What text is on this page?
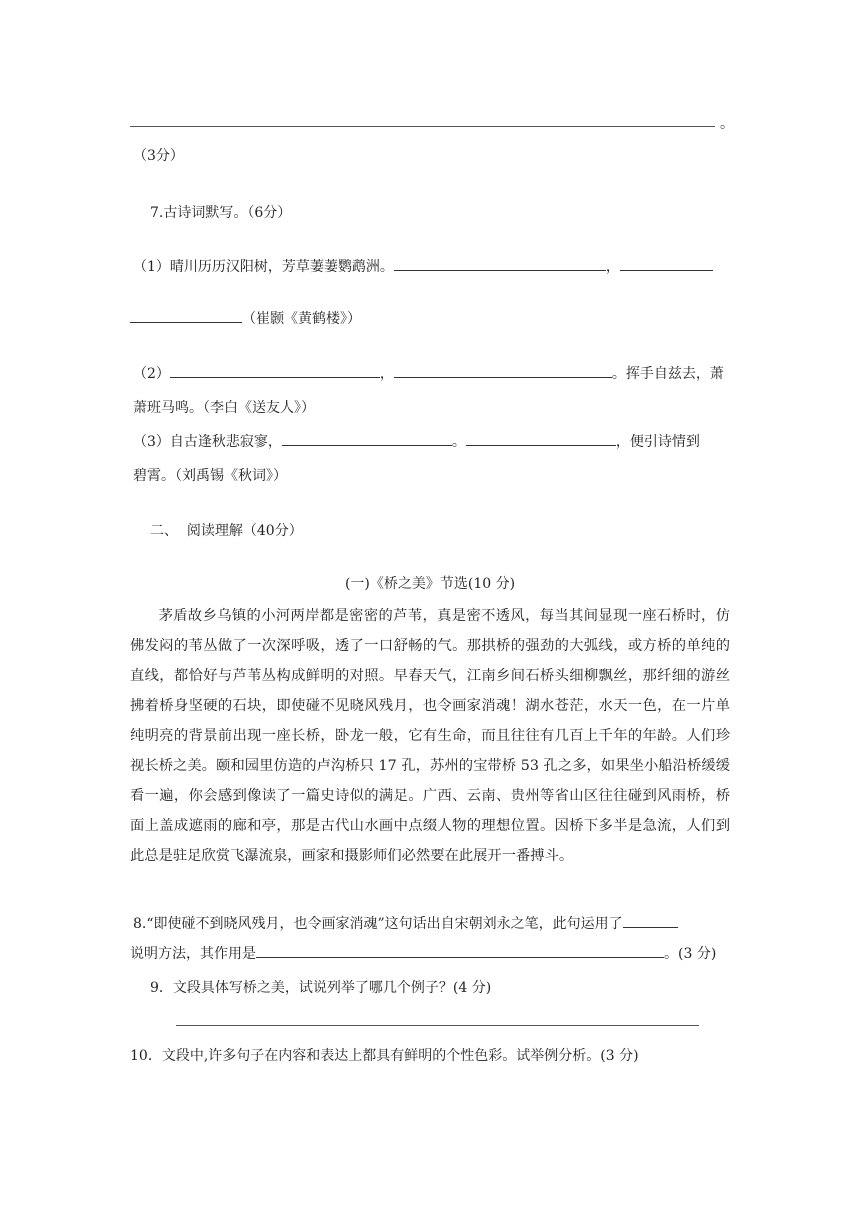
。
（3分）
7.古诗词默写。（6分）
（1）晴川历历汉阳树，芳草萋萋鹦鹉洲。	，
（崔颢《黄鹤楼》）
（2）	，	。挥手自兹去，萧
萧班马鸣。（李白《送友人》）
（3）自古逢秋悲寂寥，	。	，便引诗情到
碧霄。（刘禹锡《秋词》）
二、  阅读理解（40分）
(一)《桥之美》节选(10 分)
茅盾故乡乌镇的小河两岸都是密密的芦苇，真是密不透风，每当其间显现一座石桥时，仿佛发闷的苇丛做了一次深呼吸，透了一口舒畅的气。那拱桥的强劲的大弧线，或方桥的单纯的直线，都恰好与芦苇丛构成鲜明的对照。早春天气，江南乡间石桥头细柳飘丝，那纤细的游丝拂着桥身坚硬的石块，即使碰不见晓风残月，也令画家消魂！湖水苍茫，水天一色，在一片单纯明亮的背景前出现一座长桥，卧龙一般，它有生命，而且往往有几百上千年的年龄。人们珍视长桥之美。颐和园里仿造的卢沟桥只 17 孔，苏州的宝带桥 53 孔之多，如果坐小船沿桥缓缓看一遍，你会感到像读了一篇史诗似的满足。广西、云南、贵州等省山区往往碰到风雨桥，桥面上盖成遮雨的廊和亭，那是古代山水画中点缀人物的理想位置。因桥下多半是急流，人们到此总是驻足欣赏飞瀑流泉，画家和摄影师们必然要在此展开一番搏斗。
8.“即使碰不到晓风残月，也令画家消魂”这句话出自宋朝刘永之笔，此句运用了
说明方法，其作用是	。(3 分)
9．文段具体写桥之美，试说列举了哪几个例子？(4 分)
10．文段中,许多句子在内容和表达上都具有鲜明的个性色彩。试举例分析。(3 分)
